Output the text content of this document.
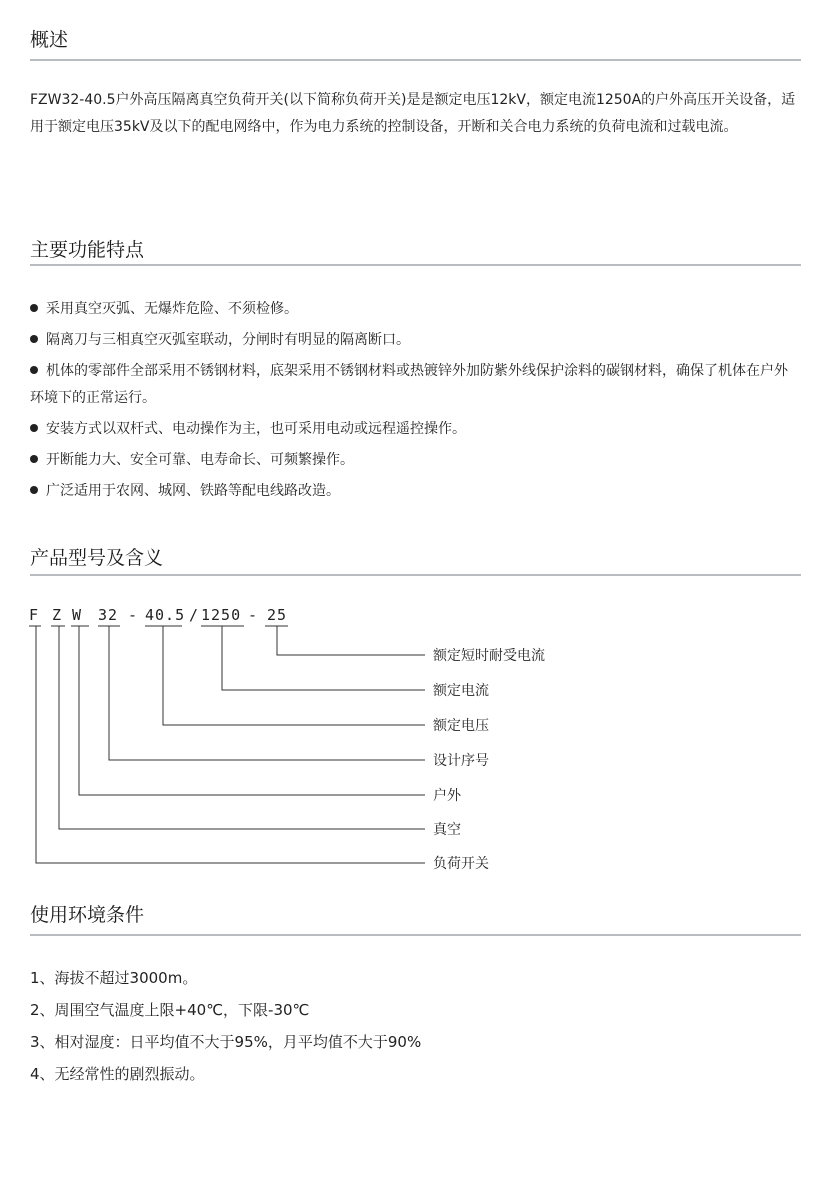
概述

FZW32-40.5户外高压隔离真空负荷开关(以下简称负荷开关)是是额定电压12kV，额定电流1250A的户外高压开关设备，适用于额定电压35kV及以下的配电网络中，作为电力系统的控制设备，开断和关合电力系统的负荷电流和过载电流。

主要功能特点
采用真空灭弧、无爆炸危险、不须检修。
隔离刀与三相真空灭弧室联动，分闸时有明显的隔离断口。
机体的零部件全部采用不锈钢材料，底架采用不锈钢材料或热镀锌外加防紫外线保护涂料的碳钢材料，确保了机体在户外环境下的正常运行。
安装方式以双杆式、电动操作为主，也可采用电动或远程遥控操作。
开断能力大、安全可靠、电寿命长、可频繁操作。
广泛适用于农网、城网、铁路等配电线路改造。
产品型号及含义
F Z W 32 - 40.5 / 1250 - 25
额定短时耐受电流
额定电流
额定电压
设计序号
户外
真空
负荷开关
使用环境条件
1、海拔不超过3000m。
2、周围空气温度上限+40℃，下限-30℃
3、相对湿度：日平均值不大于95%，月平均值不大于90%
4、无经常性的剧烈振动。
